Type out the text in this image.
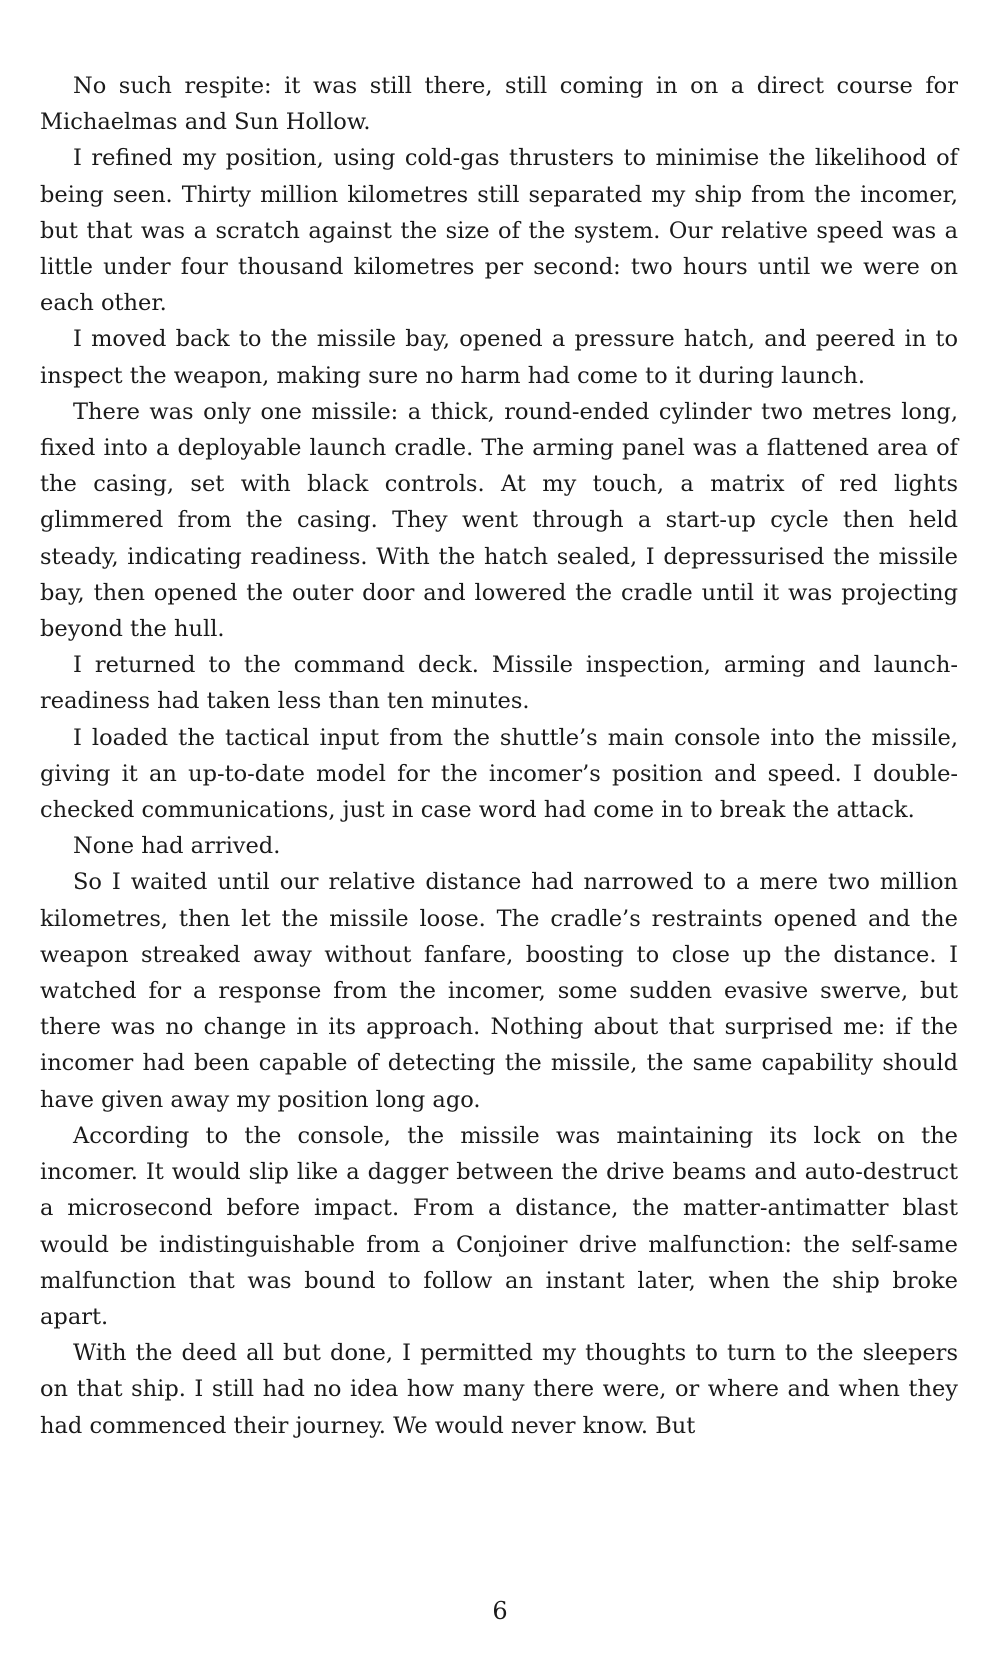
No such respite: it was still there, still coming in on a direct course for Michaelmas and Sun Hollow.

I refined my position, using cold-gas thrusters to minimise the likelihood of being seen. Thirty million kilometres still separated my ship from the incomer, but that was a scratch against the size of the system. Our relative speed was a little under four thousand kilometres per second: two hours until we were on each other.

I moved back to the missile bay, opened a pressure hatch, and peered in to inspect the weapon, making sure no harm had come to it during launch.

There was only one missile: a thick, round-ended cylinder two metres long, fixed into a deployable launch cradle. The arming panel was a flattened area of the casing, set with black controls. At my touch, a matrix of red lights glimmered from the casing. They went through a start-up cycle then held steady, indicating readiness. With the hatch sealed, I depressurised the missile bay, then opened the outer door and lowered the cradle until it was projecting beyond the hull.

I returned to the command deck. Missile inspection, arming and launch-readiness had taken less than ten minutes.

I loaded the tactical input from the shuttle’s main console into the missile, giving it an up-to-date model for the incomer’s position and speed. I double-checked communications, just in case word had come in to break the attack.

None had arrived.

So I waited until our relative distance had narrowed to a mere two million kilometres, then let the missile loose. The cradle’s restraints opened and the weapon streaked away without fanfare, boosting to close up the distance. I watched for a response from the incomer, some sudden evasive swerve, but there was no change in its approach. Nothing about that surprised me: if the incomer had been capable of detecting the missile, the same capability should have given away my position long ago.

According to the console, the missile was maintaining its lock on the incomer. It would slip like a dagger between the drive beams and auto-destruct a microsecond before impact. From a distance, the matter-antimatter blast would be indistinguishable from a Conjoiner drive malfunction: the self-same malfunction that was bound to follow an instant later, when the ship broke apart.

With the deed all but done, I permitted my thoughts to turn to the sleepers on that ship. I still had no idea how many there were, or where and when they had commenced their journey. We would never know. But

6
